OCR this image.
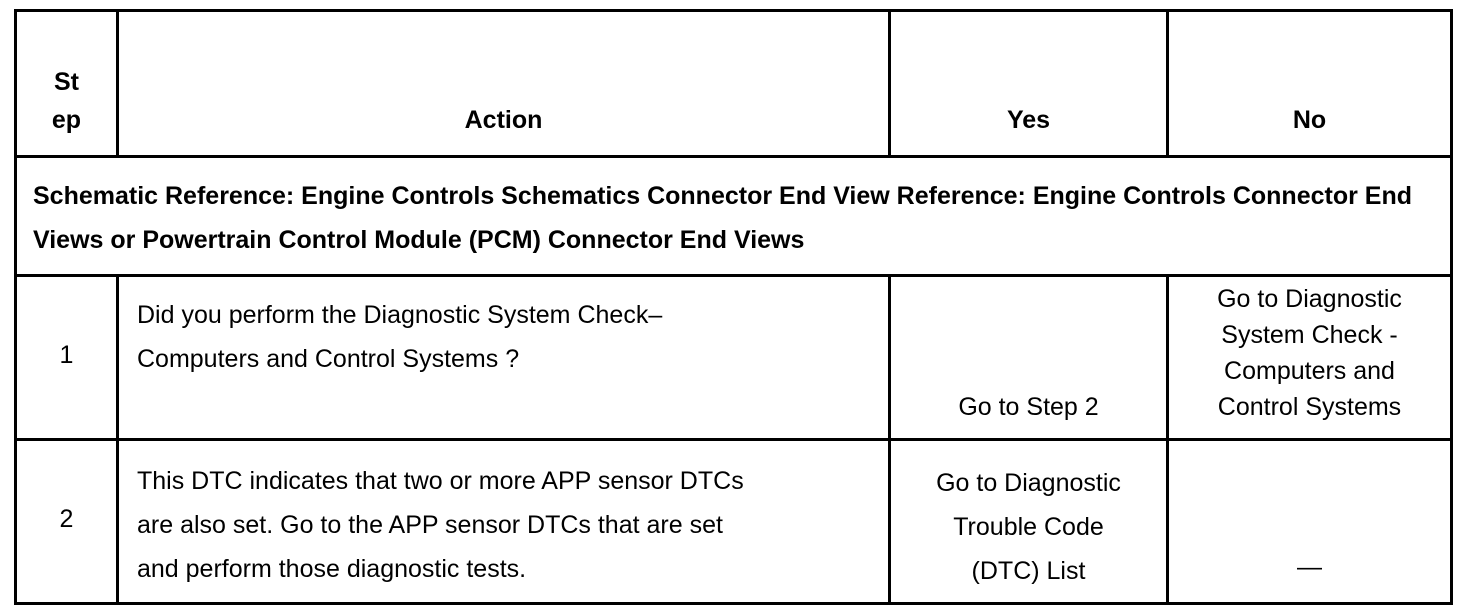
St
ep	Action	Yes	No

Schematic Reference: Engine Controls Schematics Connector End View Reference: Engine Controls Connector End Views or Powertrain Control Module (PCM) Connector End Views			

1	Did you perform the Diagnostic System Check–
Computers and Control Systems ?	Go to Step 2	Go to Diagnostic
System Check -
Computers and
Control Systems

2	This DTC indicates that two or more APP sensor DTCs
are also set. Go to the APP sensor DTCs that are set
and perform those diagnostic tests.	Go to Diagnostic
Trouble Code
(DTC) List	—
